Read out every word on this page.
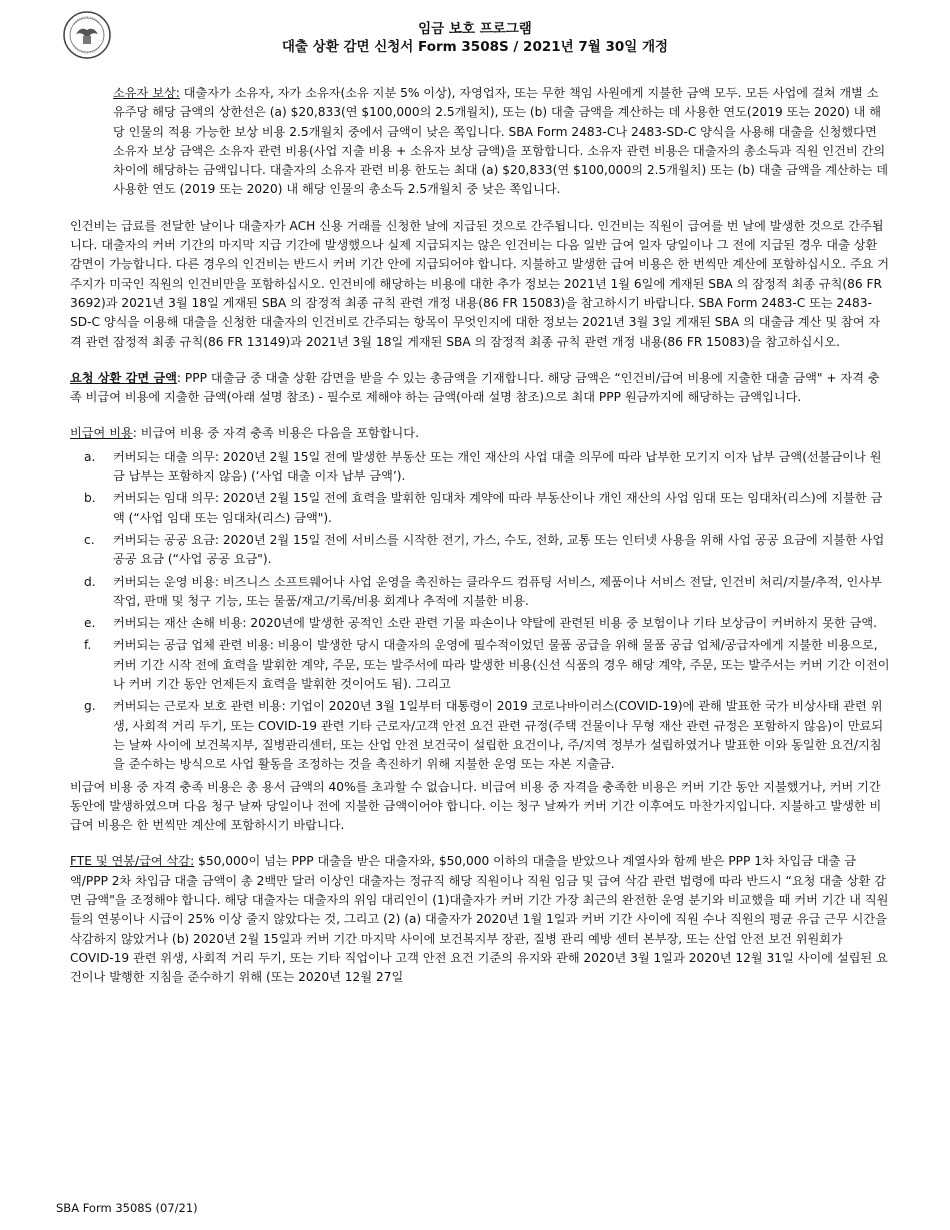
임금 보호 프로그램
대출 상환 감면 신청서 Form 3508S / 2021년 7월 30일 개정

소유자 보상: 대출자가 소유자, 자가 소유자(소유 지분 5% 이상), 자영업자, 또는 무한 책임 사원에게 지불한 금액 모두. 모든 사업에 걸쳐 개별 소유주당 해당 금액의 상한선은 (a) $20,833(연 $100,000의 2.5개월치), 또는 (b) 대출 금액을 계산하는 데 사용한 연도(2019 또는 2020) 내 해당 인물의 적용 가능한 보상 비용 2.5개월치 중에서 금액이 낮은 쪽입니다. SBA Form 2483-C나 2483-SD-C 양식을 사용해 대출을 신청했다면 소유자 보상 금액은 소유자 관련 비용(사업 지출 비용 + 소유자 보상 금액)을 포함합니다. 소유자 관련 비용은 대출자의 총소득과 직원 인건비 간의 차이에 해당하는 금액입니다. 대출자의 소유자 관련 비용 한도는 최대 (a) $20,833(연 $100,000의 2.5개월치) 또는 (b) 대출 금액을 계산하는 데 사용한 연도 (2019 또는 2020) 내 해당 인물의 총소득 2.5개월치 중 낮은 쪽입니다.

인건비는 급료를 전달한 날이나 대출자가 ACH 신용 거래를 신청한 날에 지급된 것으로 간주됩니다. 인건비는 직원이 급여를 번 날에 발생한 것으로 간주됩니다. 대출자의 커버 기간의 마지막 지급 기간에 발생했으나 실제 지급되지는 않은 인건비는 다음 일반 급여 일자 당일이나 그 전에 지급된 경우 대출 상환 감면이 가능합니다. 다른 경우의 인건비는 반드시 커버 기간 안에 지급되어야 합니다. 지불하고 발생한 급여 비용은 한 번씩만 계산에 포함하십시오. 주요 거주지가 미국인 직원의 인건비만을 포함하십시오. 인건비에 해당하는 비용에 대한 추가 정보는 2021년 1월 6일에 게재된 SBA 의 잠정적 최종 규칙(86 FR 3692)과 2021년 3월 18일 게재된 SBA 의 잠정적 최종 규칙 관련 개정 내용(86 FR 15083)을 참고하시기 바랍니다. SBA Form 2483-C 또는 2483-SD-C 양식을 이용해 대출을 신청한 대출자의 인건비로 간주되는 항목이 무엇인지에 대한 정보는 2021년 3월 3일 게재된 SBA 의 대출금 계산 및 참여 자격 관련 잠정적 최종 규칙(86 FR 13149)과 2021년 3월 18일 게재된 SBA 의 잠정적 최종 규칙 관련 개정 내용(86 FR 15083)을 참고하십시오.

요청 상환 감면 금액: PPP 대출금 중 대출 상환 감면을 받을 수 있는 총금액을 기재합니다. 해당 금액은 “인건비/급여 비용에 지출한 대출 금액" + 자격 충족 비급여 비용에 지출한 금액(아래 설명 참조) - 필수로 제해야 하는 금액(아래 설명 참조)으로 최대 PPP 원금까지에 해당하는 금액입니다.

비급여 비용: 비급여 비용 중 자격 충족 비용은 다음을 포함합니다.
a. 커버되는 대출 의무: 2020년 2월 15일 전에 발생한 부동산 또는 개인 재산의 사업 대출 의무에 따라 납부한 모기지 이자 납부 금액(선불금이나 원금 납부는 포함하지 않음) (‘사업 대출 이자 납부 금액’).
b. 커버되는 임대 의무: 2020년 2월 15일 전에 효력을 발휘한 임대차 계약에 따라 부동산이나 개인 재산의 사업 임대 또는 임대차(리스)에 지불한 금액 (“사업 임대 또는 임대차(리스) 금액").
c. 커버되는 공공 요금: 2020년 2월 15일 전에 서비스를 시작한 전기, 가스, 수도, 전화, 교통 또는 인터넷 사용을 위해 사업 공공 요금에 지불한 사업 공공 요금 (“사업 공공 요금").
d. 커버되는 운영 비용: 비즈니스 소프트웨어나 사업 운영을 촉진하는 클라우드 컴퓨팅 서비스, 제품이나 서비스 전달, 인건비 처리/지불/추적, 인사부 작업, 판매 및 청구 기능, 또는 물품/재고/기록/비용 회계나 추적에 지불한 비용.
e. 커버되는 재산 손해 비용: 2020년에 발생한 공적인 소란 관련 기물 파손이나 약탈에 관련된 비용 중 보험이나 기타 보상금이 커버하지 못한 금액.
f. 커버되는 공급 업체 관련 비용: 비용이 발생한 당시 대출자의 운영에 필수적이었던 물품 공급을 위해 물품 공급 업체/공급자에게 지불한 비용으로, 커버 기간 시작 전에 효력을 발휘한 계약, 주문, 또는 발주서에 따라 발생한 비용(신선 식품의 경우 해당 계약, 주문, 또는 발주서는 커버 기간 이전이나 커버 기간 동안 언제든지 효력을 발휘한 것이어도 됨). 그리고
g. 커버되는 근로자 보호 관련 비용: 기업이 2020년 3월 1일부터 대통령이 2019 코로나바이러스(COVID-19)에 관해 발표한 국가 비상사태 관련 위생, 사회적 거리 두기, 또는 COVID-19 관련 기타 근로자/고객 안전 요건 관련 규정(주택 건물이나 무형 재산 관련 규정은 포함하지 않음)이 만료되는 날짜 사이에 보건복지부, 질병관리센터, 또는 산업 안전 보건국이 설립한 요건이나, 주/지역 정부가 설립하였거나 발표한 이와 동일한 요건/지침을 준수하는 방식으로 사업 활동을 조정하는 것을 촉진하기 위해 지불한 운영 또는 자본 지출금.

비급여 비용 중 자격 충족 비용은 총 용서 금액의 40%를 초과할 수 없습니다. 비급여 비용 중 자격을 충족한 비용은 커버 기간 동안 지불했거나, 커버 기간 동안에 발생하였으며 다음 청구 날짜 당일이나 전에 지불한 금액이어야 합니다. 이는 청구 날짜가 커버 기간 이후여도 마찬가지입니다. 지불하고 발생한 비급여 비용은 한 번씩만 계산에 포함하시기 바랍니다.

FTE 및 연봉/급여 삭감: $50,000이 넘는 PPP 대출을 받은 대출자와, $50,000 이하의 대출을 받았으나 계열사와 함께 받은 PPP 1차 차입금 대출 금액/PPP 2차 차입금 대출 금액이 총 2백만 달러 이상인 대출자는 정규직 해당 직원이나 직원 임금 및 급여 삭감 관련 법령에 따라 반드시 “요청 대출 상환 감면 금액"을 조정해야 합니다. 해당 대출자는 대출자의 위임 대리인이 (1)대출자가 커버 기간 가장 최근의 완전한 운영 분기와 비교했을 때 커버 기간 내 직원들의 연봉이나 시급이 25% 이상 줄지 않았다는 것, 그리고 (2) (a) 대출자가 2020년 1월 1일과 커버 기간 사이에 직원 수나 직원의 평균 유급 근무 시간을 삭감하지 않았거나 (b) 2020년 2월 15일과 커버 기간 마지막 사이에 보건복지부 장관, 질병 관리 예방 센터 본부장, 또는 산업 안전 보건 위원회가 COVID-19 관련 위생, 사회적 거리 두기, 또는 기타 직업이나 고객 안전 요건 기준의 유지와 관해 2020년 3월 1일과 2020년 12월 31일 사이에 설립된 요건이나 발행한 지침을 준수하기 위해 (또는 2020년 12월 27일

SBA Form 3508S (07/21)
